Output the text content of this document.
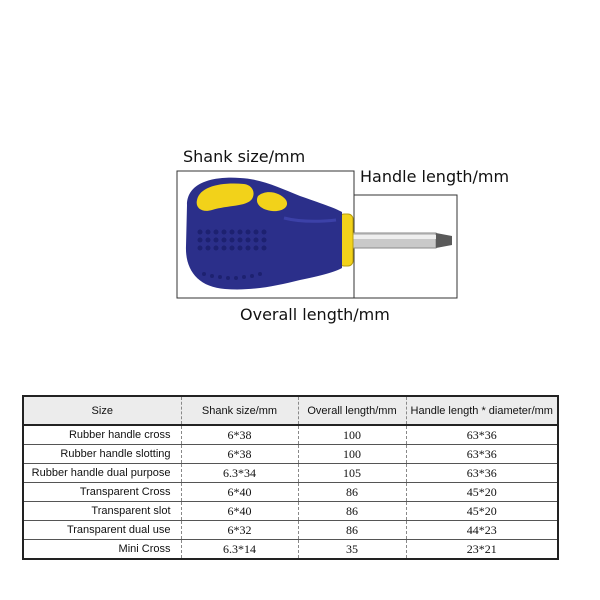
Shank size/mm
Handle length/mm
Overall length/mm
Size	Shank size/mm	Overall length/mm	Handle length * diameter/mm
Rubber handle cross	6*38	100	63*36
Rubber handle slotting	6*38	100	63*36
Rubber handle dual purpose	6.3*34	105	63*36
Transparent Cross	6*40	86	45*20
Transparent slot	6*40	86	45*20
Transparent dual use	6*32	86	44*23
Mini Cross	6.3*14	35	23*21
